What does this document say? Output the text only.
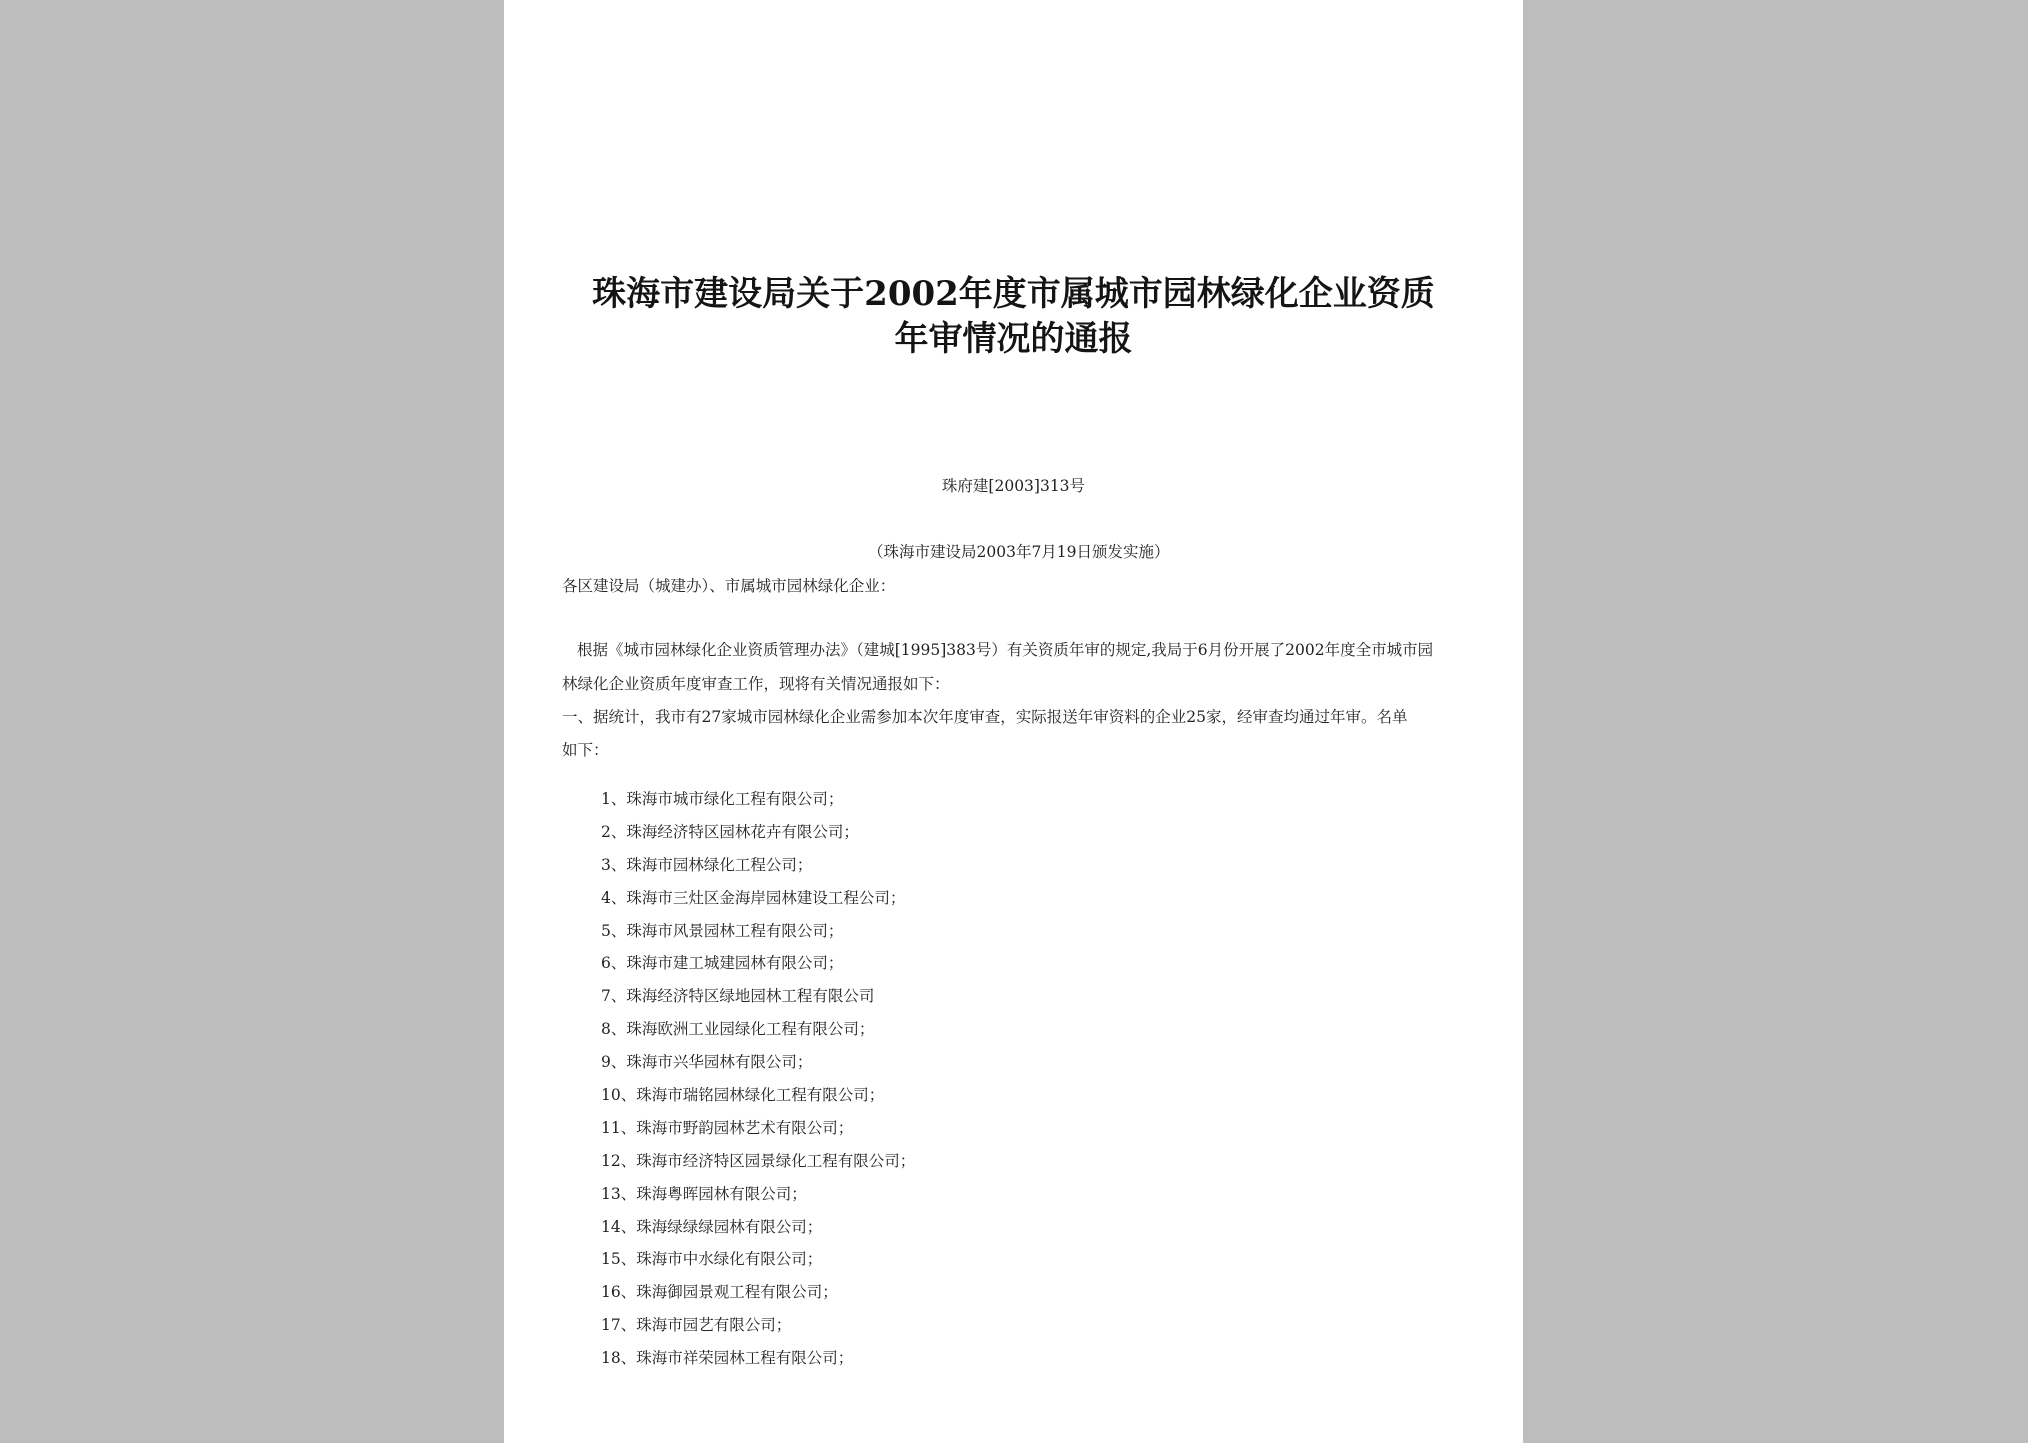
珠海市建设局关于2002年度市属城市园林绿化企业资质
年审情况的通报
珠府建[2003]313号
（珠海市建设局2003年7月19日颁发实施）
各区建设局（城建办）、市属城市园林绿化企业：
根据《城市园林绿化企业资质管理办法》（建城[1995]383号）有关资质年审的规定,我局于6月份开展了2002年度全市城市园
林绿化企业资质年度审查工作，现将有关情况通报如下：
一、据统计，我市有27家城市园林绿化企业需参加本次年度审查，实际报送年审资料的企业25家，经审查均通过年审。名单
如下：
1、珠海市城市绿化工程有限公司；
2、珠海经济特区园林花卉有限公司；
3、珠海市园林绿化工程公司；
4、珠海市三灶区金海岸园林建设工程公司；
5、珠海市风景园林工程有限公司；
6、珠海市建工城建园林有限公司；
7、珠海经济特区绿地园林工程有限公司
8、珠海欧洲工业园绿化工程有限公司；
9、珠海市兴华园林有限公司；
10、珠海市瑞铭园林绿化工程有限公司；
11、珠海市野韵园林艺术有限公司；
12、珠海市经济特区园景绿化工程有限公司；
13、珠海粤晖园林有限公司；
14、珠海绿绿绿园林有限公司；
15、珠海市中水绿化有限公司；
16、珠海御园景观工程有限公司；
17、珠海市园艺有限公司；
18、珠海市祥荣园林工程有限公司；
